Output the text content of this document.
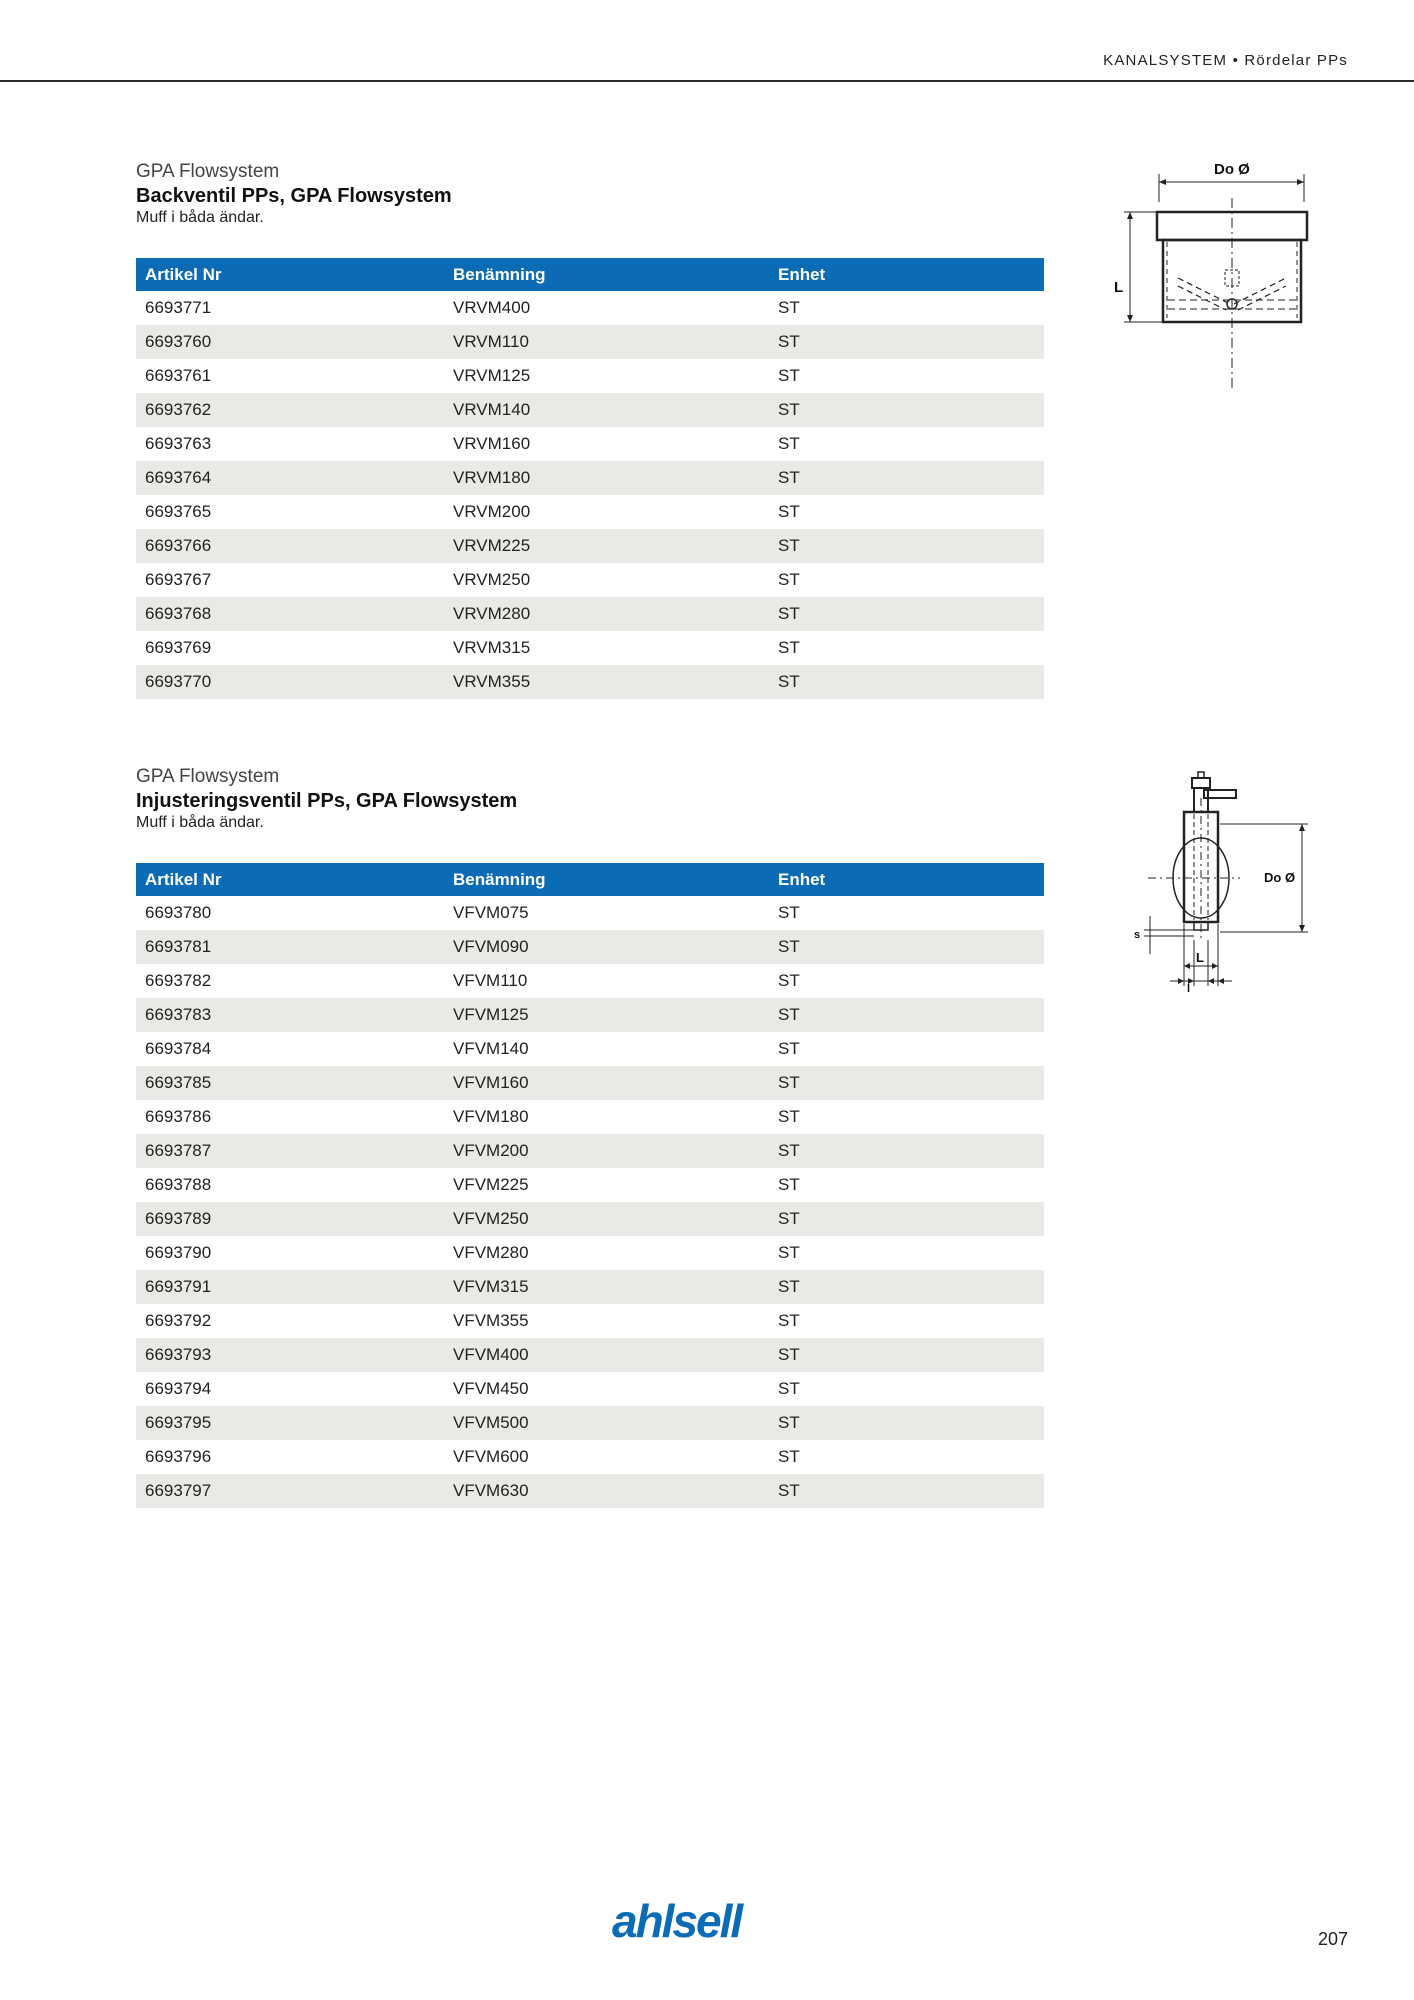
KANALSYSTEM • Rördelar PPs
GPA Flowsystem
Backventil PPs, GPA Flowsystem
Muff i båda ändar.
Artikel Nr	Benämning	Enhet
6693771	VRVM400	ST
6693760	VRVM110	ST
6693761	VRVM125	ST
6693762	VRVM140	ST
6693763	VRVM160	ST
6693764	VRVM180	ST
6693765	VRVM200	ST
6693766	VRVM225	ST
6693767	VRVM250	ST
6693768	VRVM280	ST
6693769	VRVM315	ST
6693770	VRVM355	ST
Do Ø
L
GPA Flowsystem
Injusteringsventil PPs, GPA Flowsystem
Muff i båda ändar.
Artikel Nr	Benämning	Enhet
6693780	VFVM075	ST
6693781	VFVM090	ST
6693782	VFVM110	ST
6693783	VFVM125	ST
6693784	VFVM140	ST
6693785	VFVM160	ST
6693786	VFVM180	ST
6693787	VFVM200	ST
6693788	VFVM225	ST
6693789	VFVM250	ST
6693790	VFVM280	ST
6693791	VFVM315	ST
6693792	VFVM355	ST
6693793	VFVM400	ST
6693794	VFVM450	ST
6693795	VFVM500	ST
6693796	VFVM600	ST
6693797	VFVM630	ST
Do Ø
L
s
l
ahlsell	207
